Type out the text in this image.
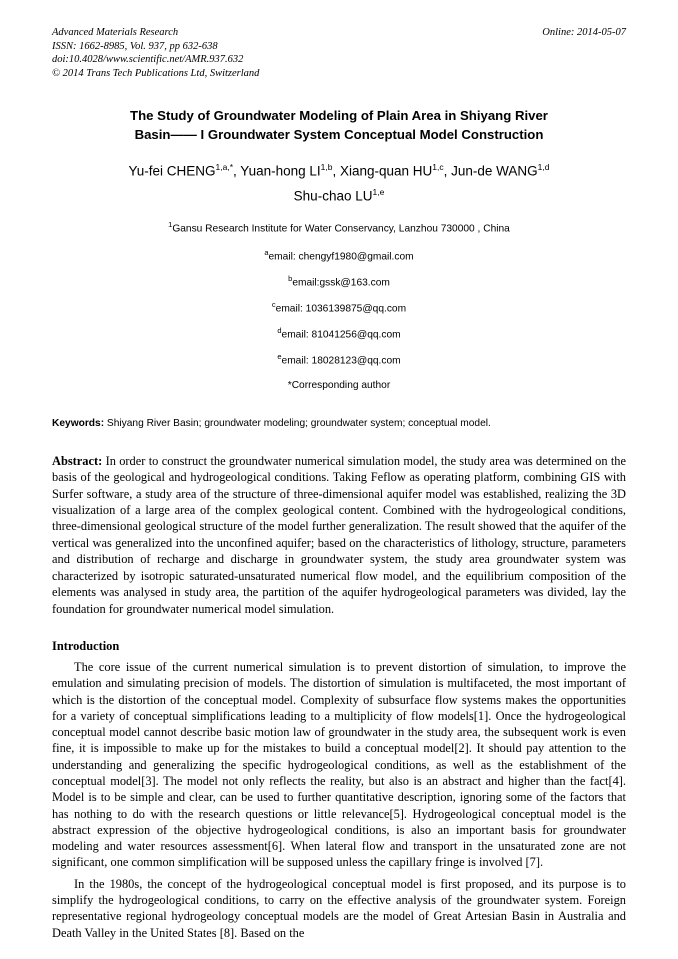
Advanced Materials Research
ISSN: 1662-8985, Vol. 937, pp 632-638
doi:10.4028/www.scientific.net/AMR.937.632
© 2014 Trans Tech Publications Ltd, Switzerland
Online: 2014-05-07
The Study of Groundwater Modeling of Plain Area in Shiyang River
Basin—— I Groundwater System Conceptual Model Construction
Yu-fei $CHENG^{1,a,*}$, Yuan-hong LI$^{1,b}$, Xiang-quan HU$^{1,c}$, Jun-de WANG$^{1,d}$
Shu-chao LU$^{1,e}$
$^1$Gansu Research Institute for Water Conservancy, Lanzhou 730000 , China
$^a$email: chengyf1980@gmail.com
$^b$email:gssk@163.com
$^c$email: 1036139875@qq.com
$^d$email: 81041256@qq.com
$^e$email: 18028123@qq.com
*Corresponding author
Keywords: Shiyang River Basin; groundwater modeling; groundwater system; conceptual model.
Abstract: In order to construct the groundwater numerical simulation model, the study area was determined on the basis of the geological and hydrogeological conditions. Taking Feflow as operating platform, combining GIS with Surfer software, a study area of the structure of three-dimensional aquifer model was established, realizing the 3D visualization of a large area of the complex geological content. Combined with the hydrogeological conditions, three-dimensional geological structure of the model further generalization. The result showed that the aquifer of the vertical was generalized into the unconfined aquifer; based on the characteristics of lithology, structure, parameters and distribution of recharge and discharge in groundwater system, the study area groundwater system was characterized by isotropic saturated-unsaturated numerical flow model, and the equilibrium composition of the elements was analysed in study area, the partition of the aquifer hydrogeological parameters was divided, lay the foundation for groundwater numerical model simulation.
Introduction
The core issue of the current numerical simulation is to prevent distortion of simulation, to improve the emulation and simulating precision of models. The distortion of simulation is multifaceted, the most important of which is the distortion of the conceptual model. Complexity of subsurface flow systems makes the opportunities for a variety of conceptual simplifications leading to a multiplicity of flow models[1]. Once the hydrogeological conceptual model cannot describe basic motion law of groundwater in the study area, the subsequent work is even fine, it is impossible to make up for the mistakes to build a conceptual model[2]. It should pay attention to the understanding and generalizing the specific hydrogeological conditions, as well as the establishment of the conceptual model[3]. The model not only reflects the reality, but also is an abstract and higher than the fact[4]. Model is to be simple and clear, can be used to further quantitative description, ignoring some of the factors that has nothing to do with the research questions or little relevance[5]. Hydrogeological conceptual model is the abstract expression of the objective hydrogeological conditions, is also an important basis for groundwater modeling and water resources assessment[6]. When lateral flow and transport in the unsaturated zone are not significant, one common simplification will be supposed unless the capillary fringe is involved [7].
In the 1980s, the concept of the hydrogeological conceptual model is first proposed, and its purpose is to simplify the hydrogeological conditions, to carry on the effective analysis of the groundwater system. Foreign representative regional hydrogeology conceptual models are the model of Great Artesian Basin in Australia and Death Valley in the United States [8]. Based on the
